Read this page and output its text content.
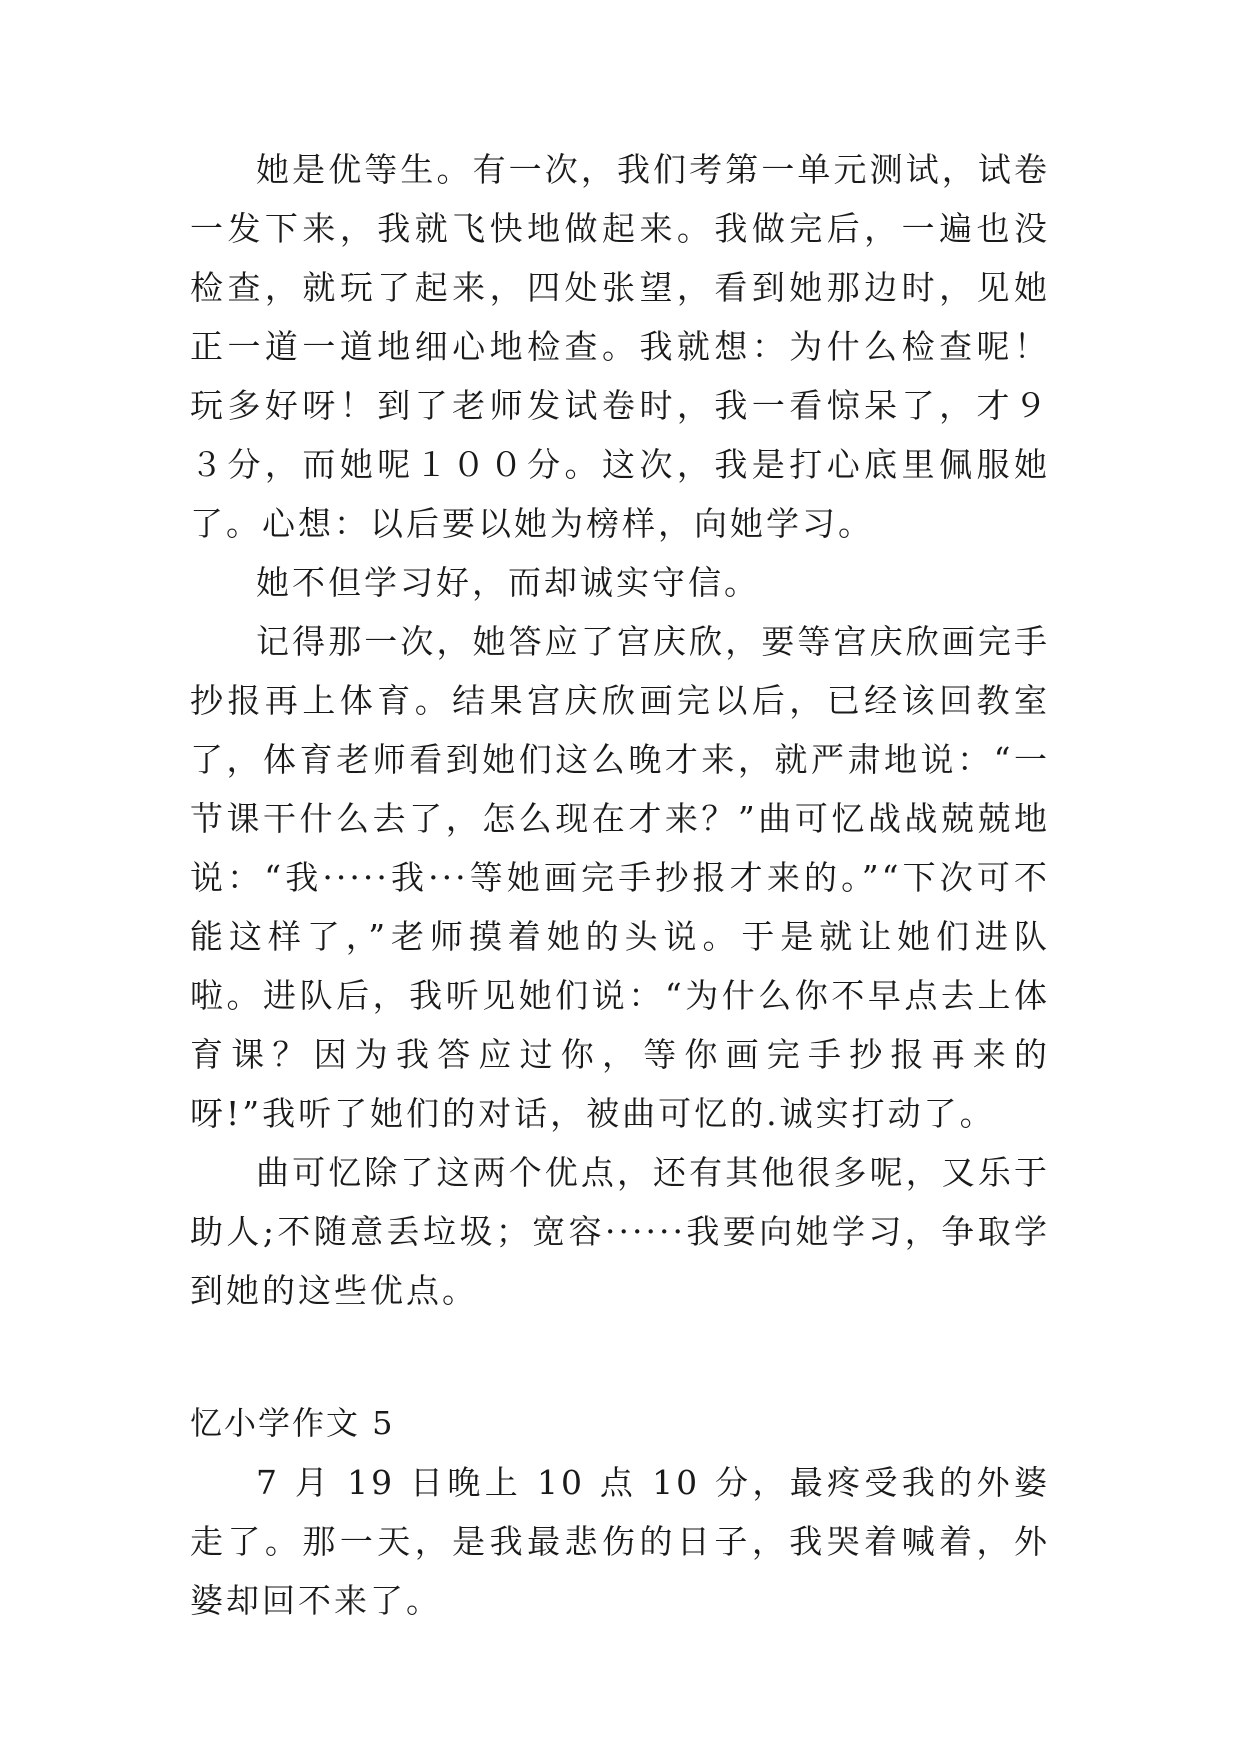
她是优等生。有一次，我们考第一单元测试，试卷一发下来，我就飞快地做起来。我做完后，一遍也没检查，就玩了起来，四处张望，看到她那边时，见她正一道一道地细心地检查。我就想：为什么检查呢！玩多好呀！到了老师发试卷时，我一看惊呆了，才９３分，而她呢１００分。这次，我是打心底里佩服她了。心想：以后要以她为榜样，向她学习。

她不但学习好，而却诚实守信。

记得那一次，她答应了宫庆欣，要等宫庆欣画完手抄报再上体育。结果宫庆欣画完以后，已经该回教室了，体育老师看到她们这么晚才来，就严肃地说：“一节课干什么去了，怎么现在才来？”曲可忆战战兢兢地说：“我·····我···等她画完手抄报才来的。”“下次可不能这样了，”老师摸着她的头说。于是就让她们进队啦。进队后，我听见她们说：“为什么你不早点去上体育课？因为我答应过你，等你画完手抄报再来的呀!”我听了她们的对话，被曲可忆的.诚实打动了。

曲可忆除了这两个优点，还有其他很多呢，又乐于助人;不随意丢垃圾；宽容······我要向她学习，争取学到她的这些优点。

忆小学作文 5

7 月 19 日晚上 10 点 10 分，最疼受我的外婆走了。那一天，是我最悲伤的日子，我哭着喊着，外婆却回不来了。
